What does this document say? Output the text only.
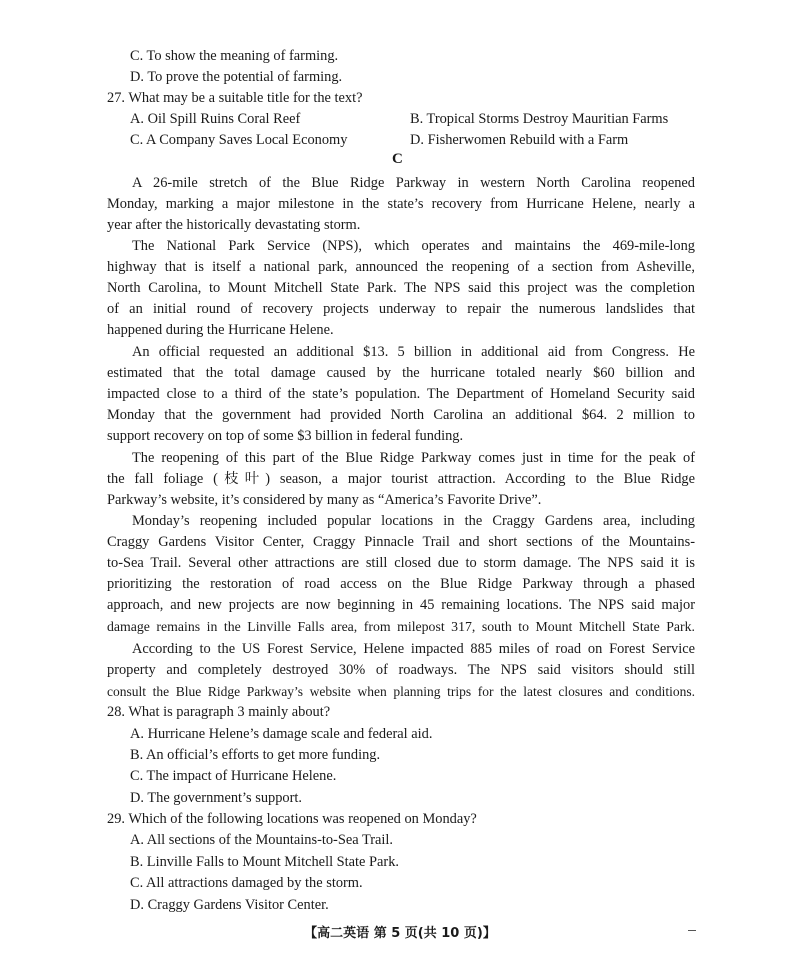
C. To show the meaning of farming.
D. To prove the potential of farming.
27. What may be a suitable title for the text?
A. Oil Spill Ruins Coral Reef	B. Tropical Storms Destroy Mauritian Farms
C. A Company Saves Local Economy	D. Fisherwomen Rebuild with a Farm
C
A 26-mile stretch of the Blue Ridge Parkway in western North Carolina reopened
Monday, marking a major milestone in the state’s recovery from Hurricane Helene, nearly a
year after the historically devastating storm.
The National Park Service (NPS), which operates and maintains the 469-mile-long
highway that is itself a national park, announced the reopening of a section from Asheville,
North Carolina, to Mount Mitchell State Park. The NPS said this project was the completion
of an initial round of recovery projects underway to repair the numerous landslides that
happened during the Hurricane Helene.
An official requested an additional $13. 5 billion in additional aid from Congress. He
estimated that the total damage caused by the hurricane totaled nearly $60 billion and
impacted close to a third of the state’s population. The Department of Homeland Security said
Monday that the government had provided North Carolina an additional $64. 2 million to
support recovery on top of some $3 billion in federal funding.
The reopening of this part of the Blue Ridge Parkway comes just in time for the peak of
the fall foliage (枝叶) season, a major tourist attraction. According to the Blue Ridge
Parkway’s website, it’s considered by many as “America’s Favorite Drive”.
Monday’s reopening included popular locations in the Craggy Gardens area, including
Craggy Gardens Visitor Center, Craggy Pinnacle Trail and short sections of the Mountains-
to-Sea Trail. Several other attractions are still closed due to storm damage. The NPS said it is
prioritizing the restoration of road access on the Blue Ridge Parkway through a phased
approach, and new projects are now beginning in 45 remaining locations. The NPS said major
damage remains in the Linville Falls area, from milepost 317, south to Mount Mitchell State Park.
According to the US Forest Service, Helene impacted 885 miles of road on Forest Service
property and completely destroyed 30% of roadways. The NPS said visitors should still
consult the Blue Ridge Parkway’s website when planning trips for the latest closures and conditions.
28. What is paragraph 3 mainly about?
A. Hurricane Helene’s damage scale and federal aid.
B. An official’s efforts to get more funding.
C. The impact of Hurricane Helene.
D. The government’s support.
29. Which of the following locations was reopened on Monday?
A. All sections of the Mountains-to-Sea Trail.
B. Linville Falls to Mount Mitchell State Park.
C. All attractions damaged by the storm.
D. Craggy Gardens Visitor Center.
【高二英语 第 5 页(共 10 页)】
